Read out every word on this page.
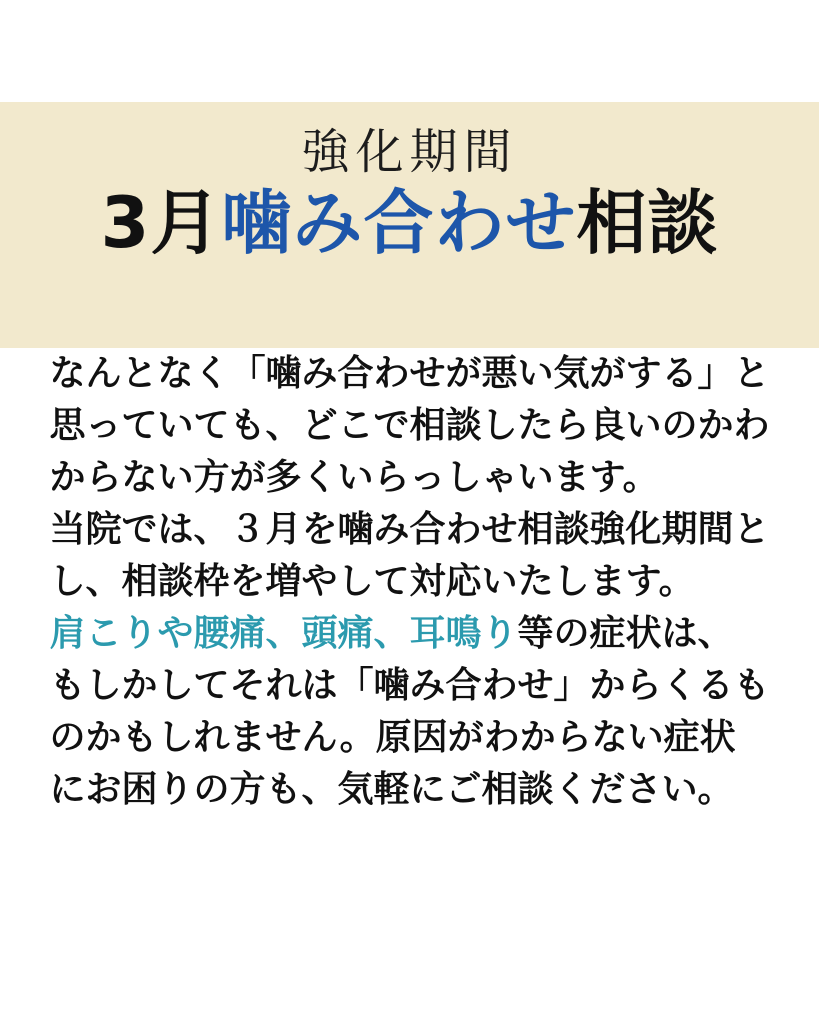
強化期間

3月噛み合わせ相談

なんとなく「噛み合わせが悪い気がする」と思っていても、どこで相談したら良いのかわからない方が多くいらっしゃいます。

当院では、３月を噛み合わせ相談強化期間とし、相談枠を増やして対応いたします。

肩こりや腰痛、頭痛、耳鳴り等の症状は、もしかしてそれは「噛み合わせ」からくるものかもしれません。原因がわからない症状にお困りの方も、気軽にご相談ください。
